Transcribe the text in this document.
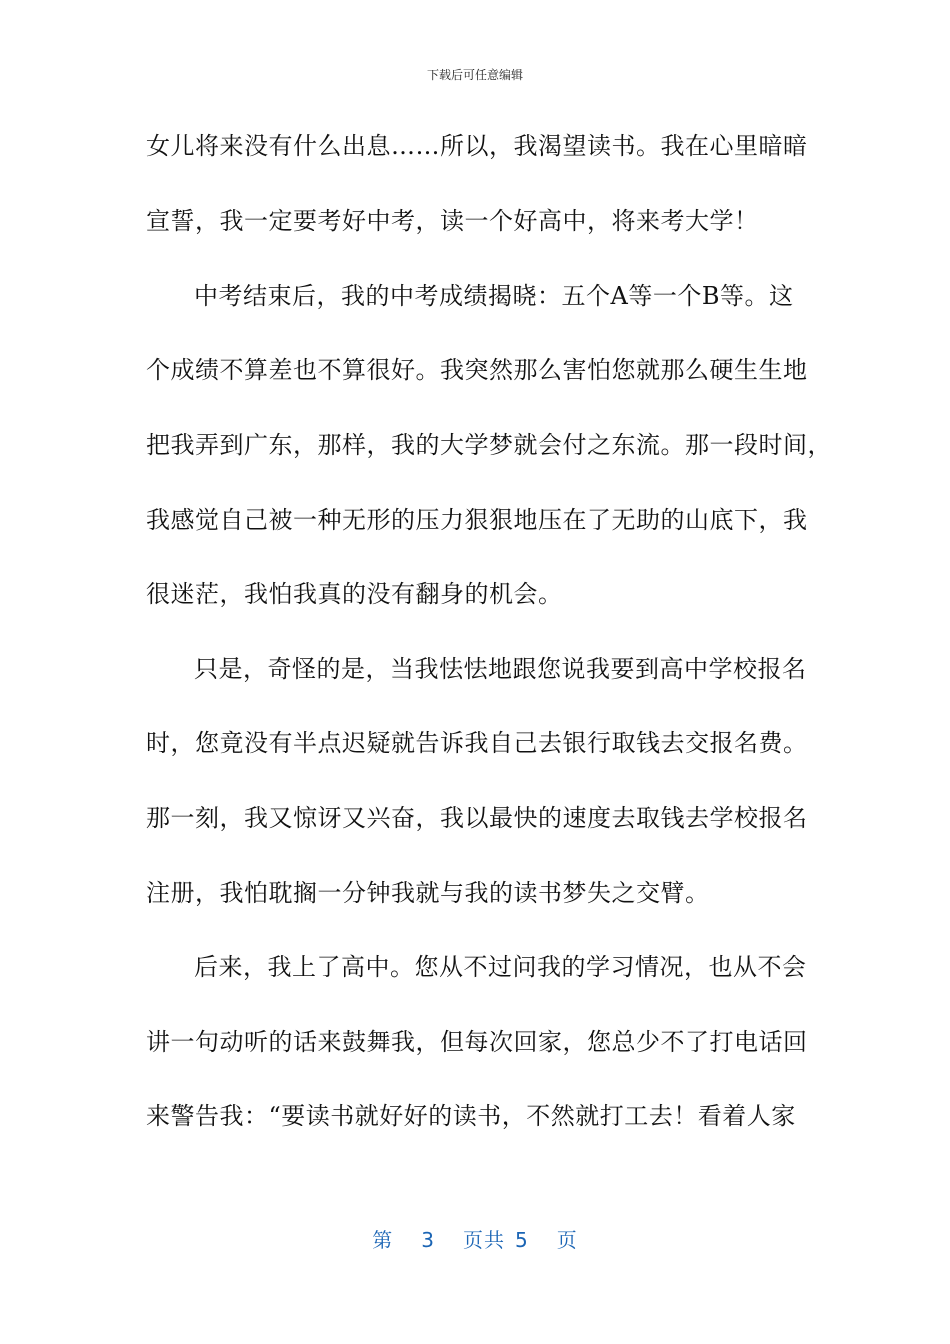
下载后可任意编辑
女儿将来没有什么出息……所以，我渴望读书。我在心里暗暗
宣誓，我一定要考好中考，读一个好高中，将来考大学！
中考结束后，我的中考成绩揭晓：五个A等一个B等。这
个成绩不算差也不算很好。我突然那么害怕您就那么硬生生地
把我弄到广东，那样，我的大学梦就会付之东流。那一段时间，
我感觉自己被一种无形的压力狠狠地压在了无助的山底下，我
很迷茫，我怕我真的没有翻身的机会。
只是，奇怪的是，当我怯怯地跟您说我要到高中学校报名
时，您竟没有半点迟疑就告诉我自己去银行取钱去交报名费。
那一刻，我又惊讶又兴奋，我以最快的速度去取钱去学校报名
注册，我怕耽搁一分钟我就与我的读书梦失之交臂。
后来，我上了高中。您从不过问我的学习情况，也从不会
讲一句动听的话来鼓舞我，但每次回家，您总少不了打电话回
来警告我：“要读书就好好的读书，不然就打工去！看着人家
第 3 页共 5 页
